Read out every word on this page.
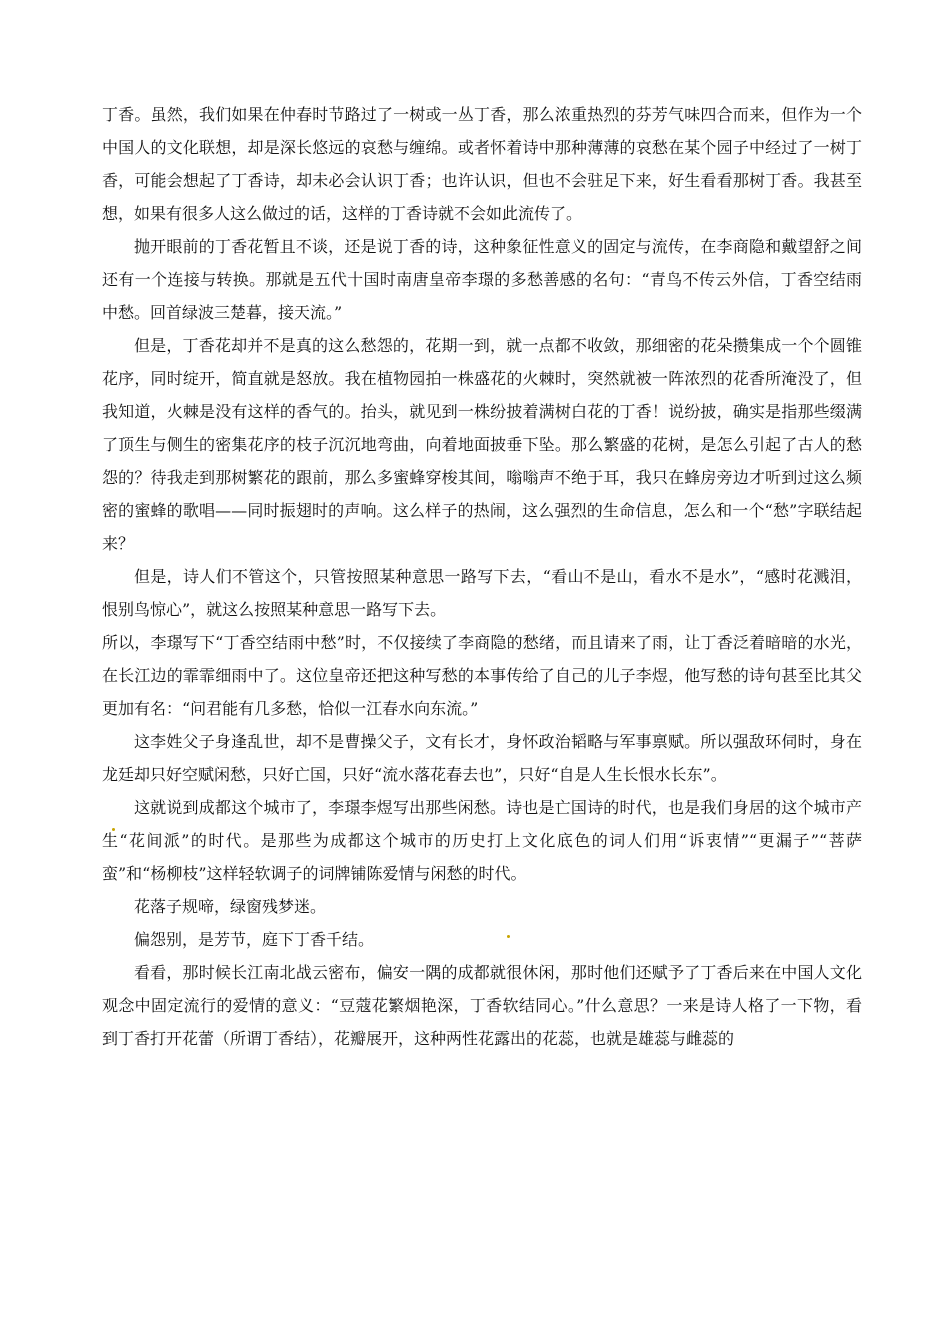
丁香。虽然，我们如果在仲春时节路过了一树或一丛丁香，那么浓重热烈的芬芳气味四合而来，但作为一个中国人的文化联想，却是深长悠远的哀愁与缠绵。或者怀着诗中那种薄薄的哀愁在某个园子中经过了一树丁香，可能会想起了丁香诗，却未必会认识丁香；也许认识，但也不会驻足下来，好生看看那树丁香。我甚至想，如果有很多人这么做过的话，这样的丁香诗就不会如此流传了。

抛开眼前的丁香花暂且不谈，还是说丁香的诗，这种象征性意义的固定与流传，在李商隐和戴望舒之间还有一个连接与转换。那就是五代十国时南唐皇帝李璟的多愁善感的名句：“青鸟不传云外信，丁香空结雨中愁。回首绿波三楚暮，接天流。”

但是，丁香花却并不是真的这么愁怨的，花期一到，就一点都不收敛，那细密的花朵攒集成一个个圆锥花序，同时绽开，简直就是怒放。我在植物园拍一株盛花的火棘时，突然就被一阵浓烈的花香所淹没了，但我知道，火棘是没有这样的香气的。抬头，就见到一株纷披着满树白花的丁香！说纷披，确实是指那些缀满了顶生与侧生的密集花序的枝子沉沉地弯曲，向着地面披垂下坠。那么繁盛的花树，是怎么引起了古人的愁怨的？待我走到那树繁花的跟前，那么多蜜蜂穿梭其间，嗡嗡声不绝于耳，我只在蜂房旁边才听到过这么频密的蜜蜂的歌唱——同时振翅时的声响。这么样子的热闹，这么强烈的生命信息，怎么和一个“愁”字联结起来？

但是，诗人们不管这个，只管按照某种意思一路写下去，“看山不是山，看水不是水”，“感时花溅泪，恨别鸟惊心”，就这么按照某种意思一路写下去。

所以，李璟写下“丁香空结雨中愁”时，不仅接续了李商隐的愁绪，而且请来了雨，让丁香泛着暗暗的水光，在长江边的霏霏细雨中了。这位皇帝还把这种写愁的本事传给了自己的儿子李煜，他写愁的诗句甚至比其父更加有名：“问君能有几多愁，恰似一江春水向东流。”

这李姓父子身逢乱世，却不是曹操父子，文有长才，身怀政治韬略与军事禀赋。所以强敌环伺时，身在龙廷却只好空赋闲愁，只好亡国，只好“流水落花春去也”，只好“自是人生长恨水长东”。

这就说到成都这个城市了，李璟李煜写出那些闲愁。诗也是亡国诗的时代，也是我们身居的这个城市产生“花间派”的时代。是那些为成都这个城市的历史打上文化底色的词人们用“诉衷情”“更漏子”“菩萨蛮”和“杨柳枝”这样轻软调子的词牌铺陈爱情与闲愁的时代。

花落子规啼，绿窗残梦迷。

偏怨别，是芳节，庭下丁香千结。

看看，那时候长江南北战云密布，偏安一隅的成都就很休闲，那时他们还赋予了丁香后来在中国人文化观念中固定流行的爱情的意义：“豆蔻花繁烟艳深，丁香软结同心。”什么意思？一来是诗人格了一下物，看到丁香打开花蕾（所谓丁香结），花瓣展开，这种两性花露出的花蕊，也就是雄蕊与雌蕊的
